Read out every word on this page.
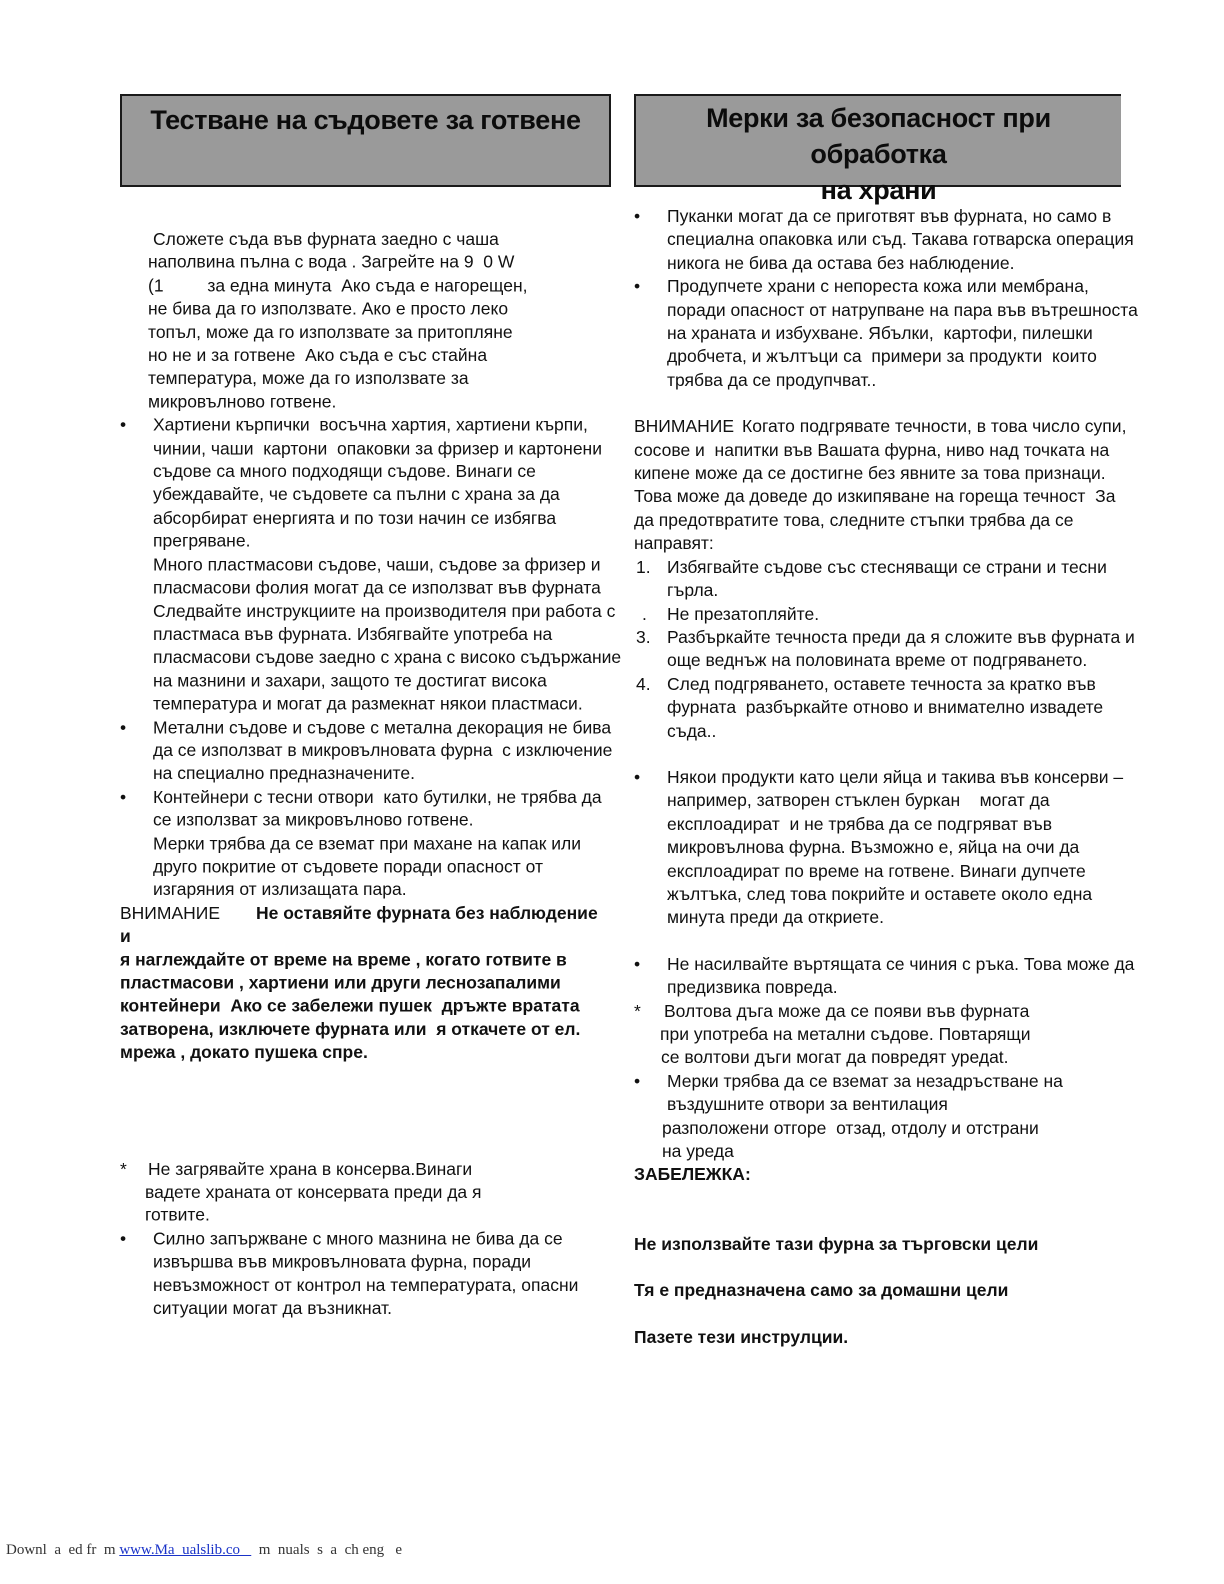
Тестване на съдовете за готвене	Мерки за безопасност при обработка
на храни
Сложете съда във фурната заедно с чаша
наполвина пълна с вода . Загрейте на 9  0 W
(1         за една минута  Ако съда е нагорещен,
не бива да го използвате. Ако е просто леко
топъл, може да го използвате за притопляне
но не и за готвене  Ако съда е със стайна
температура, може да го използвате за
микровълново готвене.
•	Хартиени кърпички  восъчна хартия, хартиени кърпи,
чинии, чаши  картони  опаковки за фризер и картонени
съдове са много подходящи съдове. Винаги се
убеждавайте, че съдовете са пълни с храна за да
абсорбират енергията и по този начин се избягва
прегряване.
Много пластмасови съдове, чаши, съдове за фризер и
пласмасови фолия могат да се използват във фурната
Следвайте инструкциите на производителя при работа с
пластмаса във фурната. Избягвайте употреба на
пласмасови съдове заедно с храна с високо съдържание
на мазнини и захари, защото те достигат висока
температура и могат да размекнат някои пластмаси.
•	Метални съдове и съдове с метална декорация не бива
да се използват в микровълновата фурна  с изключение
на специално предназначените.
•	Контейнери с тесни отвори  като бутилки, не трябва да
се използват за микровълново готвене.
Мерки трябва да се вземат при махане на капак или
друго покритие от съдовете поради опасност от
изгаряния от излизащата пара.
ВНИМАНИЕ Не оставяйте фурната без наблюдение и
я наглеждайте от време на време , когато готвите в
пластмасови , хартиени или други леснозапалими
контейнери  Ако се забележи пушек  дръжте вратата
затворена, изключете фурната или  я откачете от ел.
мрежа , докато пушека спре.
*	Не загрявайте храна в консерва.Винаги
вадете храната от консервата преди да я
готвите.
•	Силно запържване с много мазнина не бива да се
извършва във микровълновата фурна, поради
невъзможност от контрол на температурата, опасни
ситуации могат да възникнат.
•	Пуканки могат да се приготвят във фурната, но само в
специална опаковка или съд. Такава готварска операция
никога не бива да остава без наблюдение.
•	Продупчете храни с непореста кожа или мембрана,
поради опасност от натрупване на пара във вътрешноста
на храната и избухване. Ябълки,  картофи, пилешки
дробчета, и жълтъци са  примери за продукти  които
трябва да се продупчват..
ВНИМАНИЕ Когато подгрявате течности, в това число супи,
сосове и  напитки във Вашата фурна, ниво над точката на
кипене може да се достигне без явните за това признаци.
Това може да доведе до изкипяване на гореща течност  За
да предотвратите това, следните стъпки трябва да се
направят:
1. Избягвайте съдове със стесняващи се страни и тесни
гърла.
.	Не презатопляйте.
3. Разбъркайте течноста преди да я сложите във фурната и
още веднъж на половината време от подгряването.
4. След подгряването, оставете течноста за кратко във
фурната  разбъркайте отново и внимателно извадете
съда..
•	Някои продукти като цели яйца и такива във консерви –
например, затворен стъклен буркан    могат да
експлоадират  и не трябва да се подгряват във
микровълнова фурна. Възможно е, яйца на очи да
експлоадират по време на готвене. Винаги дупчете
жълтъка, след това покрийте и оставете около една
минута преди да откриете.
•	Не насилвайте въртящата се чиния с ръка. Това може да
предизвика повреда.
*	Волтова дъга може да се появи във фурната
при употреба на метални съдове. Повтарящи
се волтови дъги могат да повредят уредat.
•	Мерки трябва да се вземат за незадръстване на
въздушните отвори за вентилация
разположени отгоре  отзад, отдолу и отстрани
на уреда
ЗАБЕЛЕЖКА:
Не използвайте тази фурна за търговски цели
Тя е предназначена само за домашни цели
Пазете тези инструлции.
Downl  a  ed fr  m www.Ma  ualslib.co     m  nuals  s  a  ch eng   e
